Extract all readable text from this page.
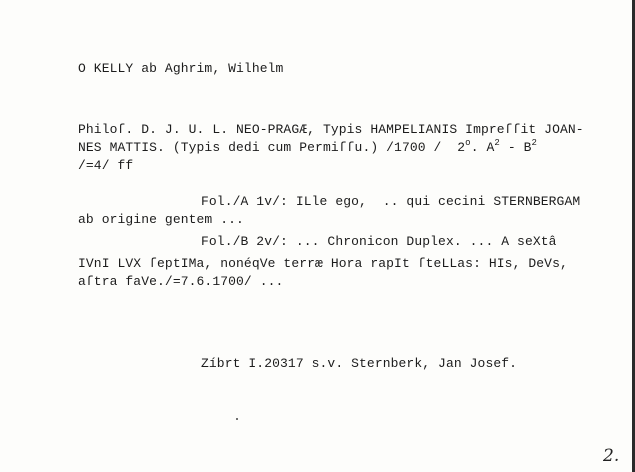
O KELLY ab Aghrim, Wilhelm
Philoſ. D. J. U. L. NEO-PRAGÆ, Typis HAMPELIANIS Impreſſit JOAN-
NES MATTIS. (Typis dedi cum Permiſſu.) /1700 /  2$^o$. $A^2 - B^2$
/=4/ ff
Fol./A 1v/: ILle ego,  .. qui cecini STERNBERGAM
ab origine gentem ...
Fol./B 2v/: ... Chronicon Duplex. ... A seXtâ
IVnI LVX ſeptIMa, nonéqVe terræ Hora rapIt ſteLLas: HIs, DeVs,
aſtra faVe./=7.6.1700/ ...
Zíbrt I.20317 s.v. Sternberk, Jan Josef.
2.
